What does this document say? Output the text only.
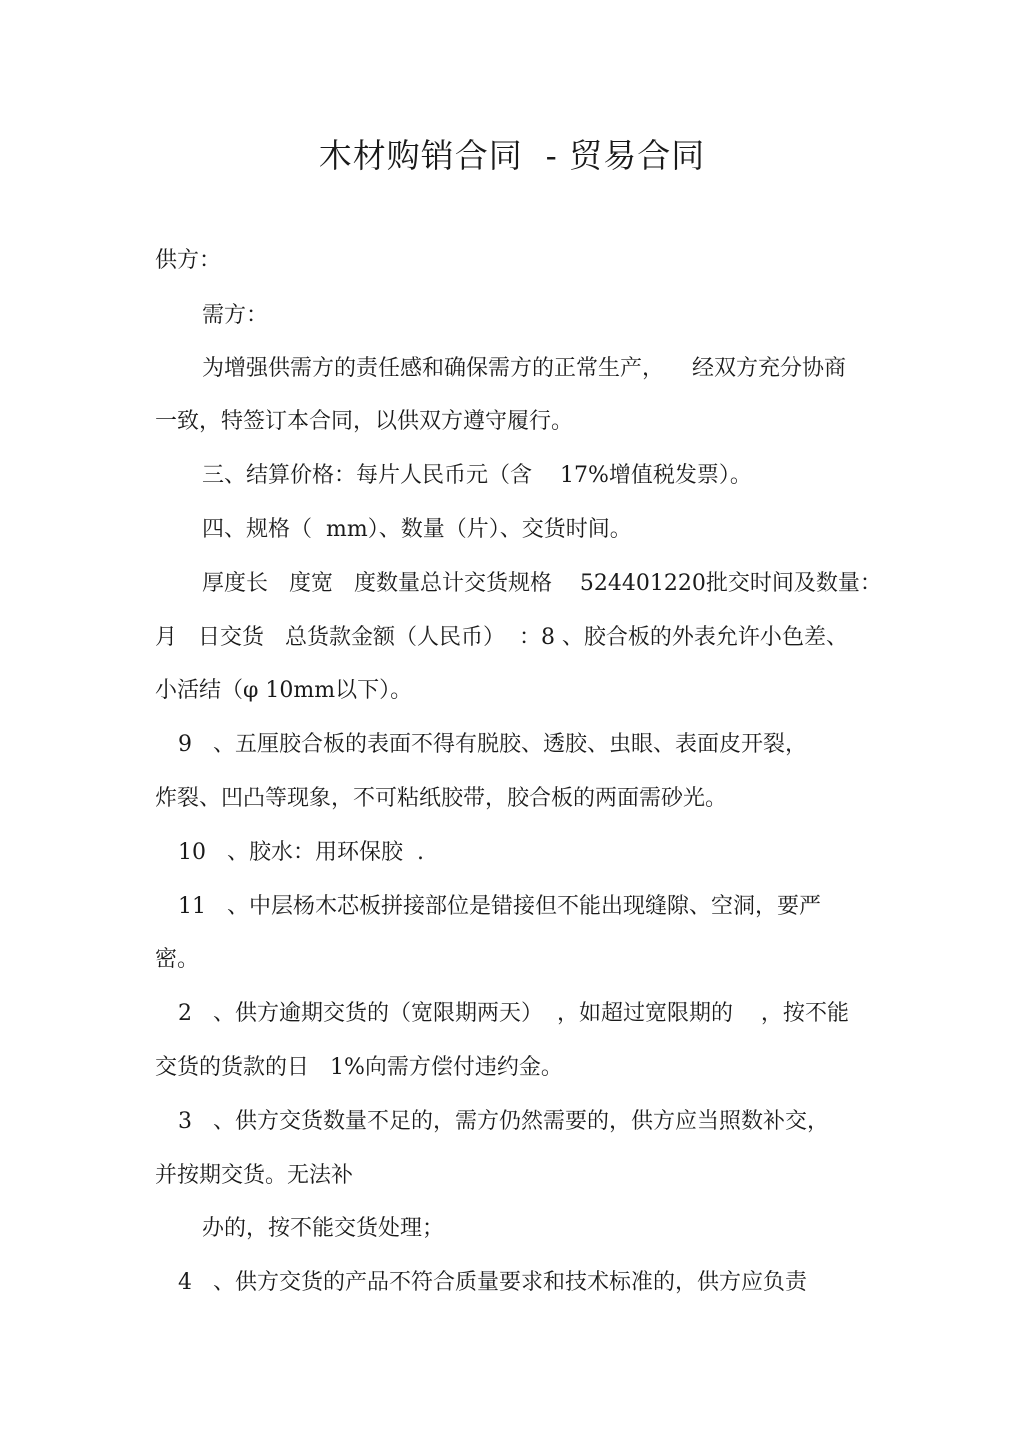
木材购销合同  - 贸易合同

供方：

需方：

为增强供需方的责任感和确保需方的正常生产，    经双方充分协商

一致，特签订本合同，以供双方遵守履行。

三、结算价格：每片人民币元（含    17%增值税发票）。

四、规格（  mm）、数量（片）、交货时间。

厚度长   度宽   度数量总计交货规格    524401220批交时间及数量：

月   日交货   总货款金额（人民币）  ：8 、胶合板的外表允许小色差、

小活结（φ 10mm以下）。

9   、五厘胶合板的表面不得有脱胶、透胶、虫眼、表面皮开裂，

炸裂、凹凸等现象，不可粘纸胶带，胶合板的两面需砂光。

10   、胶水：用环保胶  .

11   、中层杨木芯板拼接部位是错接但不能出现缝隙、空洞，要严

密。

2   、供方逾期交货的（宽限期两天）  ，如超过宽限期的    ，按不能

交货的货款的日   1%向需方偿付违约金。

3   、供方交货数量不足的，需方仍然需要的，供方应当照数补交，

并按期交货。无法补

办的，按不能交货处理；

4   、供方交货的产品不符合质量要求和技术标准的，供方应负责
